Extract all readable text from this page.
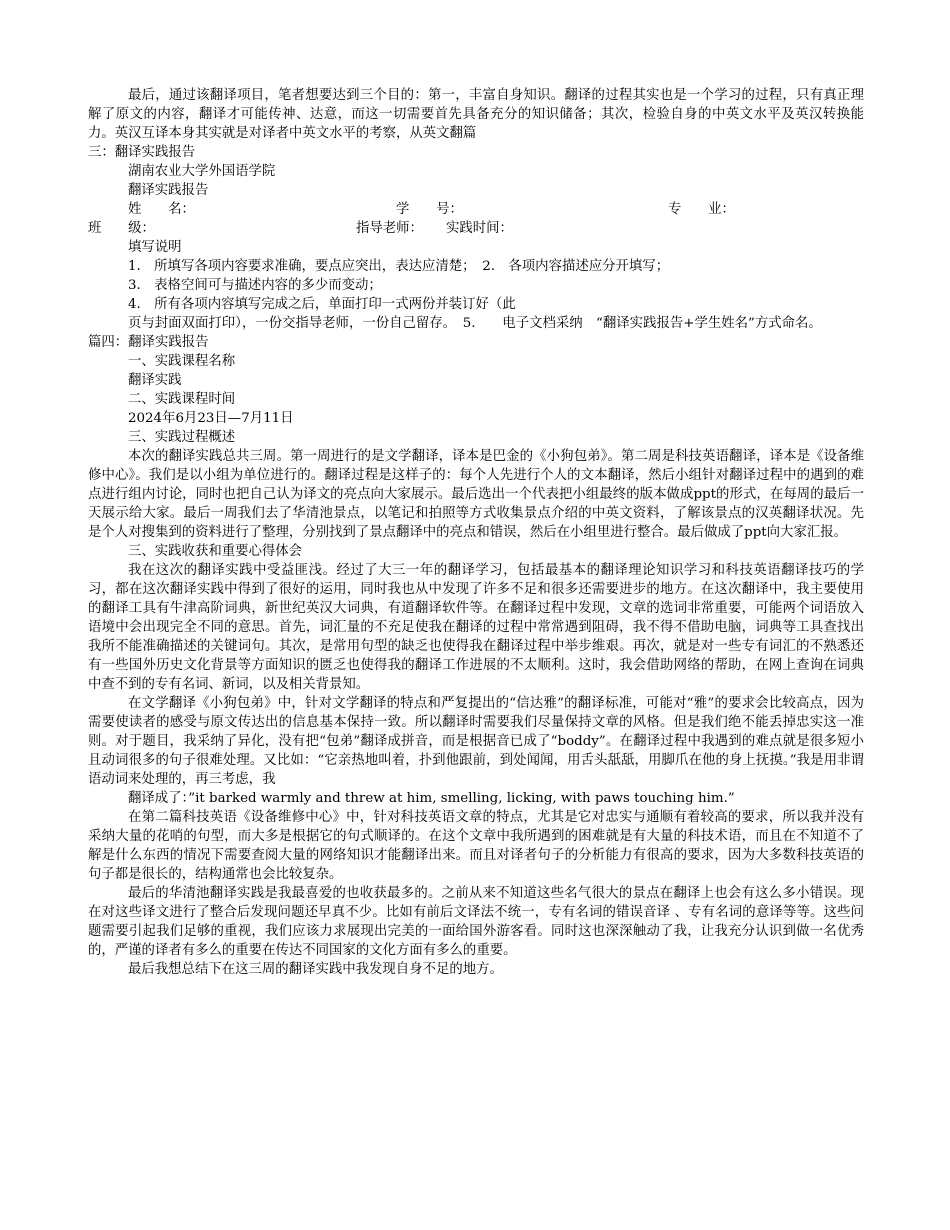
最后，通过该翻译项目，笔者想要达到三个目的：第一，丰富自身知识。翻译的过程其实也是一个学习的过程，只有真正理解了原文的内容，翻译才可能传神、达意，而这一切需要首先具备充分的知识储备；其次，检验自身的中英文水平及英汉转换能力。英汉互译本身其实就是对译者中英文水平的考察，从英文翻篇

三：翻译实践报告

湖南农业大学外国语学院

翻译实践报告

姓　　名：	学　　号：	专　　业：
班　　级：	指导老师： 实践时间：

填写说明

1.　所填写各项内容要求准确，要点应突出，表达应清楚；　2.　各项内容描述应分开填写；

3.　表格空间可与描述内容的多少而变动；

4.　所有各项内容填写完成之后，单面打印一式两份并装订好（此

页与封面双面打印），一份交指导老师，一份自己留存。　5.　　电子文档采纳　“翻译实践报告+学生姓名”方式命名。

篇四：翻译实践报告

一、实践课程名称

翻译实践

二、实践课程时间

2024年6月23日—7月11日

三、实践过程概述

本次的翻译实践总共三周。第一周进行的是文学翻译，译本是巴金的《小狗包弟》。第二周是科技英语翻译，译本是《设备维修中心》。我们是以小组为单位进行的。翻译过程是这样子的：每个人先进行个人的文本翻译，然后小组针对翻译过程中的遇到的难点进行组内讨论，同时也把自己认为译文的亮点向大家展示。最后选出一个代表把小组最终的版本做成ppt的形式，在每周的最后一天展示给大家。最后一周我们去了华清池景点，以笔记和拍照等方式收集景点介绍的中英文资料，了解该景点的汉英翻译状况。先是个人对搜集到的资料进行了整理，分别找到了景点翻译中的亮点和错误，然后在小组里进行整合。最后做成了ppt向大家汇报。

三、实践收获和重要心得体会

我在这次的翻译实践中受益匪浅。经过了大三一年的翻译学习，包括最基本的翻译理论知识学习和科技英语翻译技巧的学习，都在这次翻译实践中得到了很好的运用，同时我也从中发现了许多不足和很多还需要进步的地方。在这次翻译中，我主要使用的翻译工具有牛津高阶词典，新世纪英汉大词典，有道翻译软件等。在翻译过程中发现，文章的选词非常重要，可能两个词语放入语境中会出现完全不同的意思。首先，词汇量的不充足使我在翻译的过程中常常遇到阻碍，我不得不借助电脑，词典等工具查找出我所不能准确描述的关键词句。其次，是常用句型的缺乏也使得我在翻译过程中举步维艰。再次，就是对一些专有词汇的不熟悉还有一些国外历史文化背景等方面知识的匮乏也使得我的翻译工作进展的不太顺利。这时，我会借助网络的帮助，在网上查询在词典中查不到的专有名词、新词，以及相关背景知。

在文学翻译《小狗包弟》中，针对文学翻译的特点和严复提出的“信达雅”的翻译标准，可能对“雅”的要求会比较高点，因为需要使读者的感受与原文传达出的信息基本保持一致。所以翻译时需要我们尽量保持文章的风格。但是我们绝不能丢掉忠实这一准则。对于题目，我采纳了异化，没有把“包弟”翻译成拼音，而是根据音已成了“boddy”。在翻译过程中我遇到的难点就是很多短小且动词很多的句子很难处理。又比如：“它亲热地叫着，扑到他跟前，到处闻闻，用舌头舐舐，用脚爪在他的身上抚摸。”我是用非谓语动词来处理的，再三考虑，我

翻译成了：”it barked warmly and threw at him, smelling, licking, with paws touching him.”

在第二篇科技英语《设备维修中心》中，针对科技英语文章的特点，尤其是它对忠实与通顺有着较高的要求，所以我并没有采纳大量的花哨的句型，而大多是根据它的句式顺译的。在这个文章中我所遇到的困难就是有大量的科技术语，而且在不知道不了解是什么东西的情况下需要查阅大量的网络知识才能翻译出来。而且对译者句子的分析能力有很高的要求，因为大多数科技英语的句子都是很长的，结构通常也会比较复杂。

最后的华清池翻译实践是我最喜爱的也收获最多的。之前从来不知道这些名气很大的景点在翻译上也会有这么多小错误。现在对这些译文进行了整合后发现问题还早真不少。比如有前后文译法不统一，专有名词的错误音译 、专有名词的意译等等。这些问题需要引起我们足够的重视，我们应该力求展现出完美的一面给国外游客看。同时这也深深触动了我，让我充分认识到做一名优秀的，严谨的译者有多么的重要在传达不同国家的文化方面有多么的重要。

最后我想总结下在这三周的翻译实践中我发现自身不足的地方。
